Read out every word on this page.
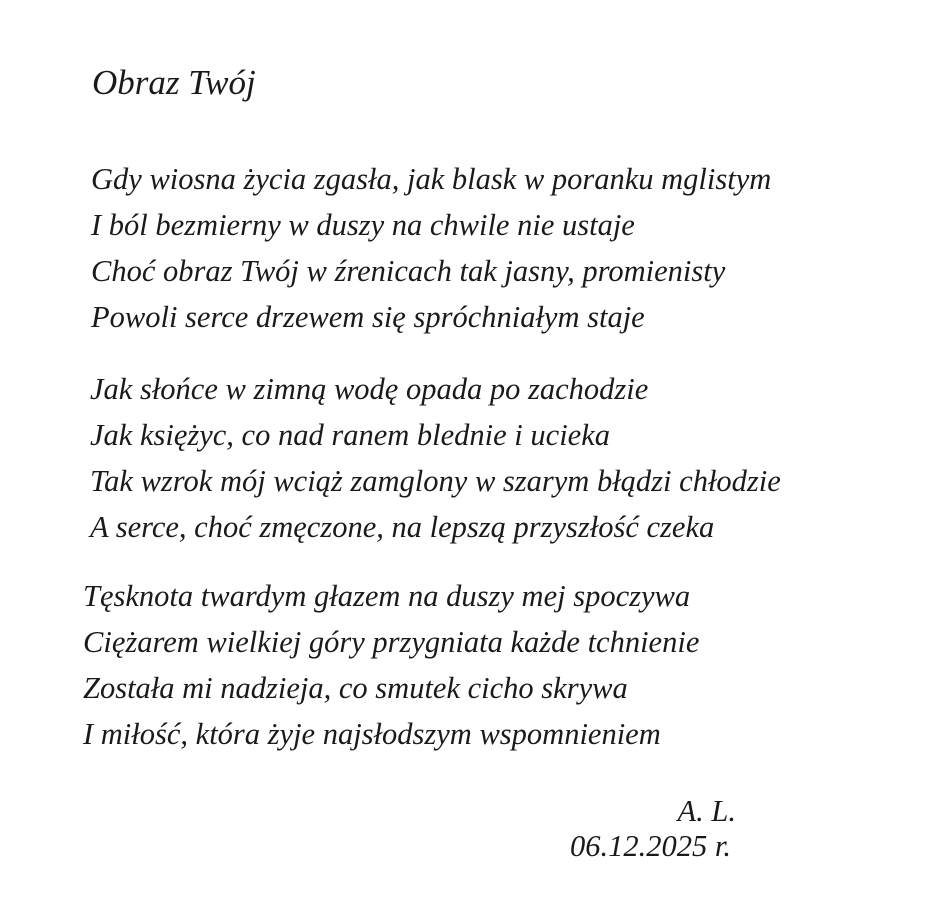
Obraz Twój
Gdy wiosna życia zgasła, jak blask w poranku mglistym
I ból bezmierny w duszy na chwile nie ustaje
Choć obraz Twój w źrenicach tak jasny, promienisty
Powoli serce drzewem się spróchniałym staje
Jak słońce w zimną wodę opada po zachodzie
Jak księżyc, co nad ranem blednie i ucieka
Tak wzrok mój wciąż zamglony w szarym błądzi chłodzie
A serce, choć zmęczone, na lepszą przyszłość czeka
Tęsknota twardym głazem na duszy mej spoczywa
Ciężarem wielkiej góry przygniata każde tchnienie
Została mi nadzieja, co smutek cicho skrywa
I miłość, która żyje najsłodszym wspomnieniem
A. L.
06.12.2025 r.
